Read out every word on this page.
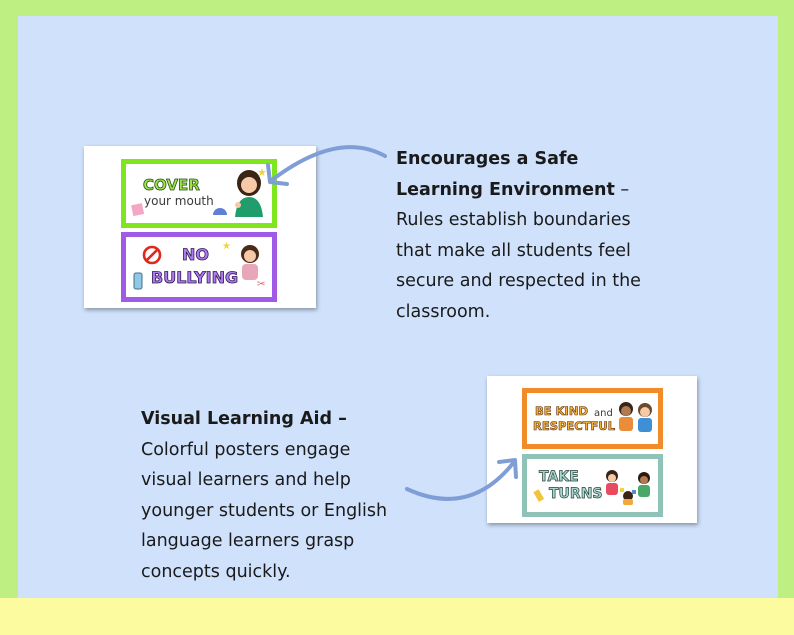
COVER
your mouth
★
NO
BULLYING
★
✂
BE KIND and
RESPECTFUL
TAKE
TURNS
Encourages a Safe Learning Environment – Rules establish boundaries that make all students feel secure and respected in the classroom.
Visual Learning Aid – Colorful posters engage visual learners and help younger students or English language learners grasp concepts quickly.
